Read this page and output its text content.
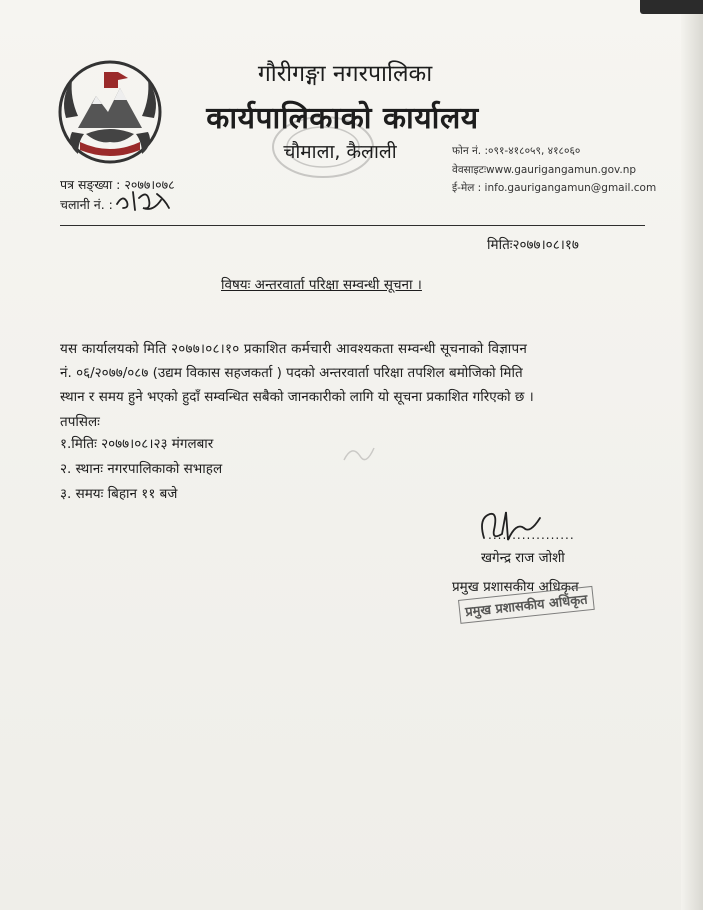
गौरीगङ्गा नगरपालिका
कार्यपालिकाको कार्यालय
चौमाला, कैलाली	फोन नं. :०९१-४१८०५९, ४१८०६०
वेवसाइटःwww.gaurigangamun.gov.np
ई-मेल : info.gaurigangamun@gmail.com
पत्र सङ्ख्या : २०७७।०७८
चलानी नं. :
मितिः२०७७।०८।१७
विषयः अन्तरवार्ता परिक्षा सम्वन्धी सूचना ।
यस कार्यालयको मिति २०७७।०८।१० प्रकाशित कर्मचारी आवश्यकता सम्वन्धी सूचनाको विज्ञापन
नं. ०६/२०७७/०८७ (उद्यम विकास सहजकर्ता ) पदको अन्तरवार्ता परिक्षा तपशिल बमोजिको मिति
स्थान र समय हुने भएको हुदाँ सम्वन्धित सबैको जानकारीको लागि यो सूचना प्रकाशित गरिएको छ ।
तपसिलः
१.मितिः २०७७।०८।२३ मंगलबार
२. स्थानः नगरपालिकाको सभाहल
३. समयः बिहान ११ बजे
..................
खगेन्द्र राज जोशी
प्रमुख प्रशासकीय अधिकृत
प्रमुख प्रशासकीय अधिकृत
